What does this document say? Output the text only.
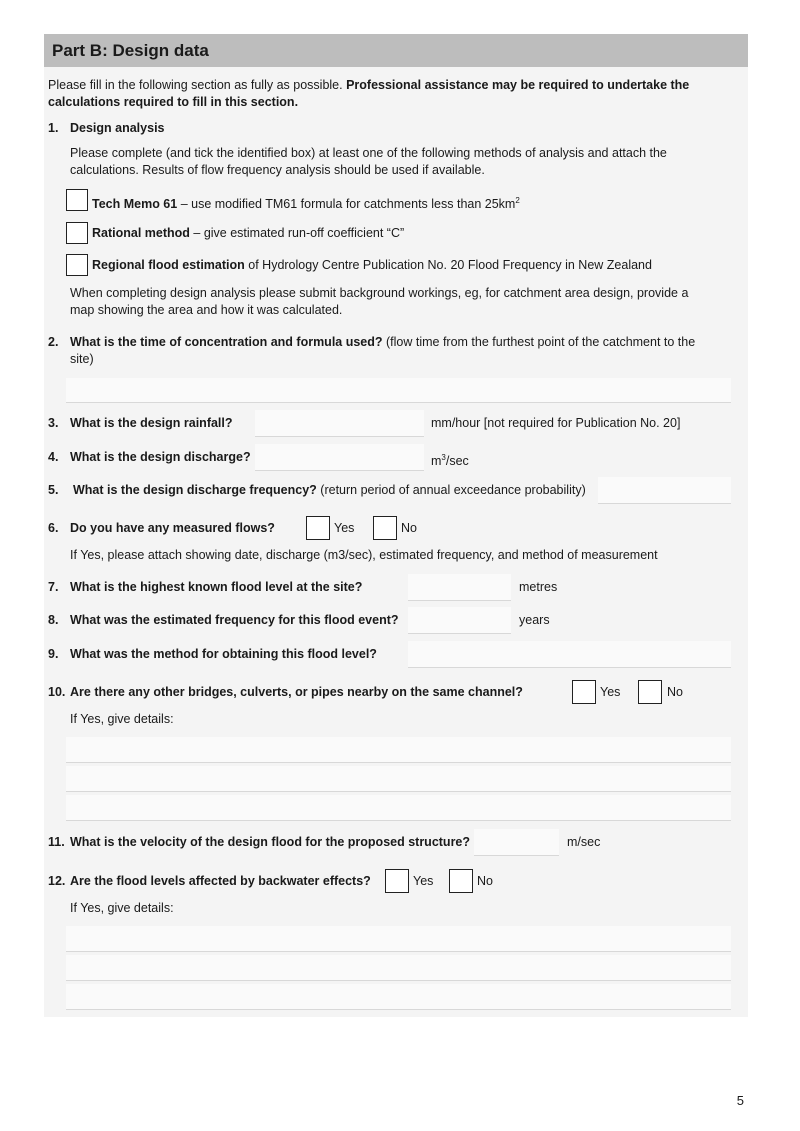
Part B: Design data
Please fill in the following section as fully as possible. Professional assistance may be required to undertake the
calculations required to fill in this section.
1. Design analysis
Please complete (and tick the identified box) at least one of the following methods of analysis and attach the
calculations. Results of flow frequency analysis should be used if available.
Tech Memo 61 – use modified TM61 formula for catchments less than $25km^2$
Rational method – give estimated run-off coefficient “C”
Regional flood estimation of Hydrology Centre Publication No. 20 Flood Frequency in New Zealand
When completing design analysis please submit background workings, eg, for catchment area design, provide a
map showing the area and how it was calculated.
2. What is the time of concentration and formula used? (flow time from the furthest point of the catchment to the
site)
3. What is the design rainfall?	mm/hour [not required for Publication No. 20]
4. What is the design discharge?	$m^3/\sec$
5. What is the design discharge frequency? (return period of annual exceedance probability)
6. Do you have any measured flows?	Yes	No
If Yes, please attach showing date, discharge (m3/sec), estimated frequency, and method of measurement
7. What is the highest known flood level at the site?	metres
8. What was the estimated frequency for this flood event?	years
9. What was the method for obtaining this flood level?
10. Are there any other bridges, culverts, or pipes nearby on the same channel?	Yes	No
If Yes, give details:
11. What is the velocity of the design flood for the proposed structure?	m/sec
12. Are the flood levels affected by backwater effects?	Yes	No
If Yes, give details:
5
